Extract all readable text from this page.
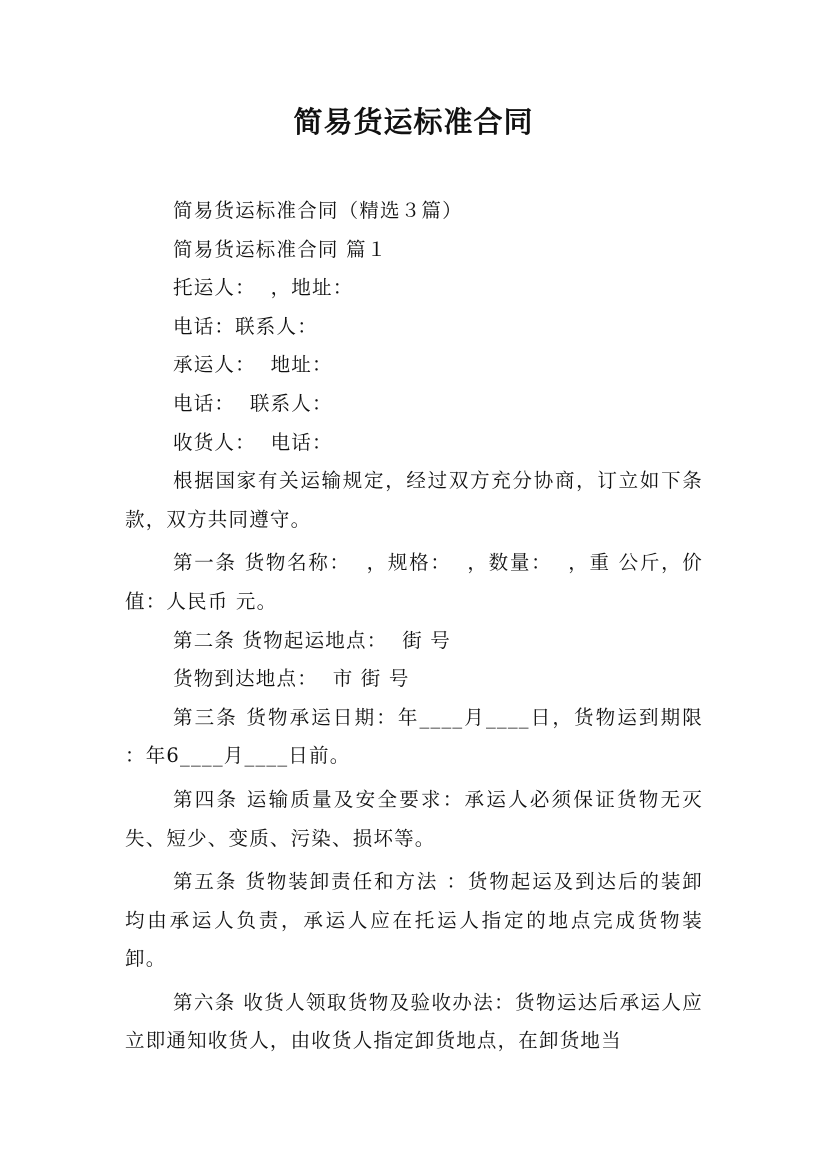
简易货运标准合同

简易货运标准合同（精选３篇）

简易货运标准合同 篇１

托运人：  ，地址：

电话：联系人：

承运人：  地址：

电话：  联系人：

收货人：  电话：

根据国家有关运输规定，经过双方充分协商，订立如下条款，双方共同遵守。

第一条 货物名称：  ，规格：  ，数量：  ，重 公斤，价值：人民币 元。

第二条 货物起运地点：  街 号

货物到达地点：  市 街 号

第三条 货物承运日期：年____月____日，货物运到期限 ：年6____月____日前。

第四条 运输质量及安全要求：承运人必须保证货物无灭失、短少、变质、污染、损坏等。

第五条 货物装卸责任和方法 ：货物起运及到达后的装卸均由承运人负责，承运人应在托运人指定的地点完成货物装卸。

第六条 收货人领取货物及验收办法：货物运达后承运人应立即通知收货人，由收货人指定卸货地点，在卸货地当
